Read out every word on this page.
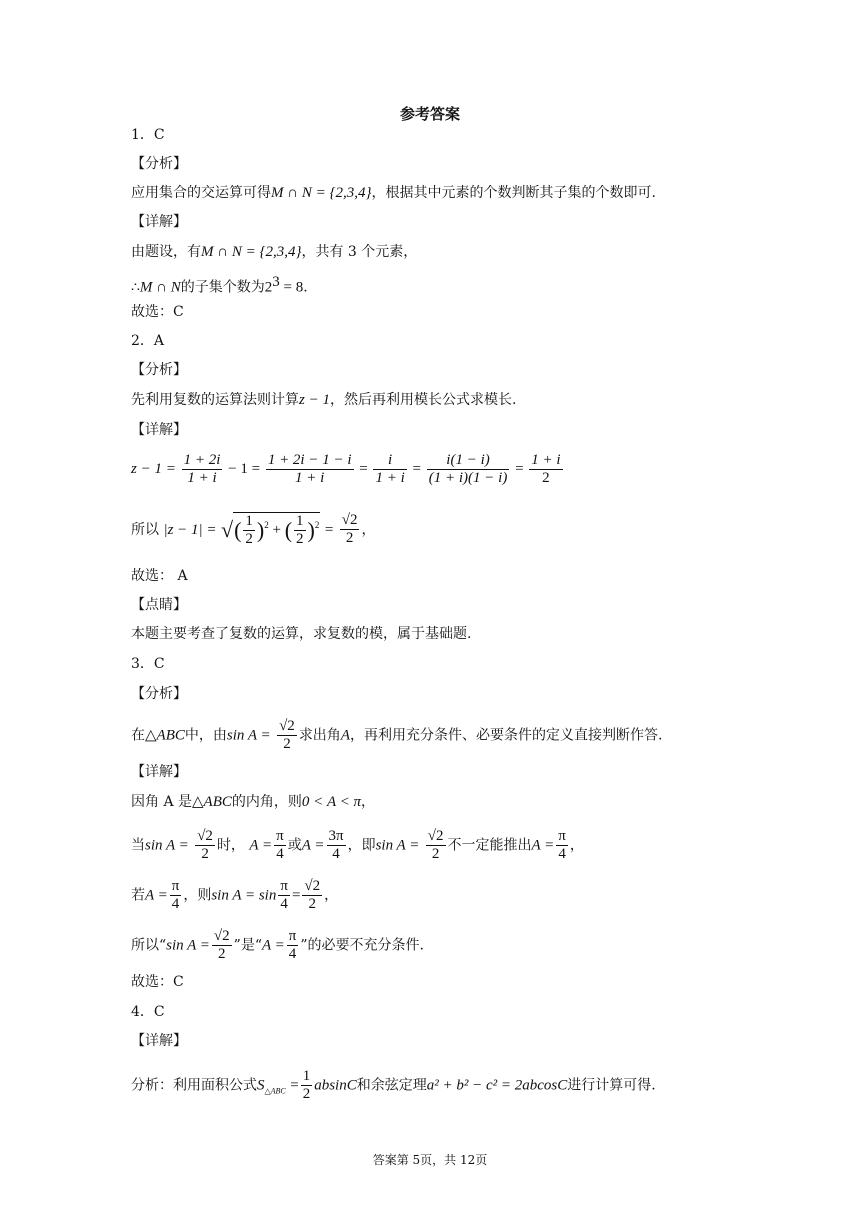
参考答案
1．C
【分析】
应用集合的交运算可得M ∩ N = {2,3,4}，根据其中元素的个数判断其子集的个数即可.
【详解】
由题设，有M ∩ N = {2,3,4}，共有 3 个元素，
∴M ∩ N的子集个数为$2^3 = 8$.
故选：C
2．A
【分析】
先利用复数的运算法则计算z − 1，然后再利用模长公式求模长.
【详解】
$z - 1 = \frac{1 + 2i}{1 + i} - 1 = \frac{1 + 2i - 1 - i}{1 + i} = \frac{i}{1 + i} = \frac{i(1 - i)}{(1 + i)(1 - i)} = \frac{1 + i}{2}$
所以 |z − 1| = √( $\frac{1}{2} )^2$ + ( $\frac{1}{2} )^2 = \frac{√2}{2}$ ，
故选： A
【点睛】
本题主要考查了复数的运算，求复数的模，属于基础题.
3．C
【分析】
在△ABC中，由$\sin A = \frac{√2}{2}$ 求出角A，再利用充分条件、必要条件的定义直接判断作答.
【详解】
因角 A 是△ABC的内角，则0 < A < π，
当$\sin A = \frac{√2}{2}$ 时， $A = \frac{\pi}{4}$ 或$A = \frac{3\pi}{4}$ ，即$\sin A = \frac{√2}{2}$ 不一定能推出$A = \frac{\pi}{4}$ ，
若$A = \frac{\pi}{4}$ ，则$\sin A = \sin \frac{\pi}{4} = \frac{√2}{2}$ ，
所以“sin $A = \frac{√2}{2}$ ”是“$A = \frac{\pi}{4}$ ”的必要不充分条件.
故选：C
4．C
【详解】
分析：利用面积公式$S_{\triangle ABC} = \frac{1}{2}$ absinC和余弦定理a² + b² − c² = 2abcosC进行计算可得.
答案第 5页，共 12页
